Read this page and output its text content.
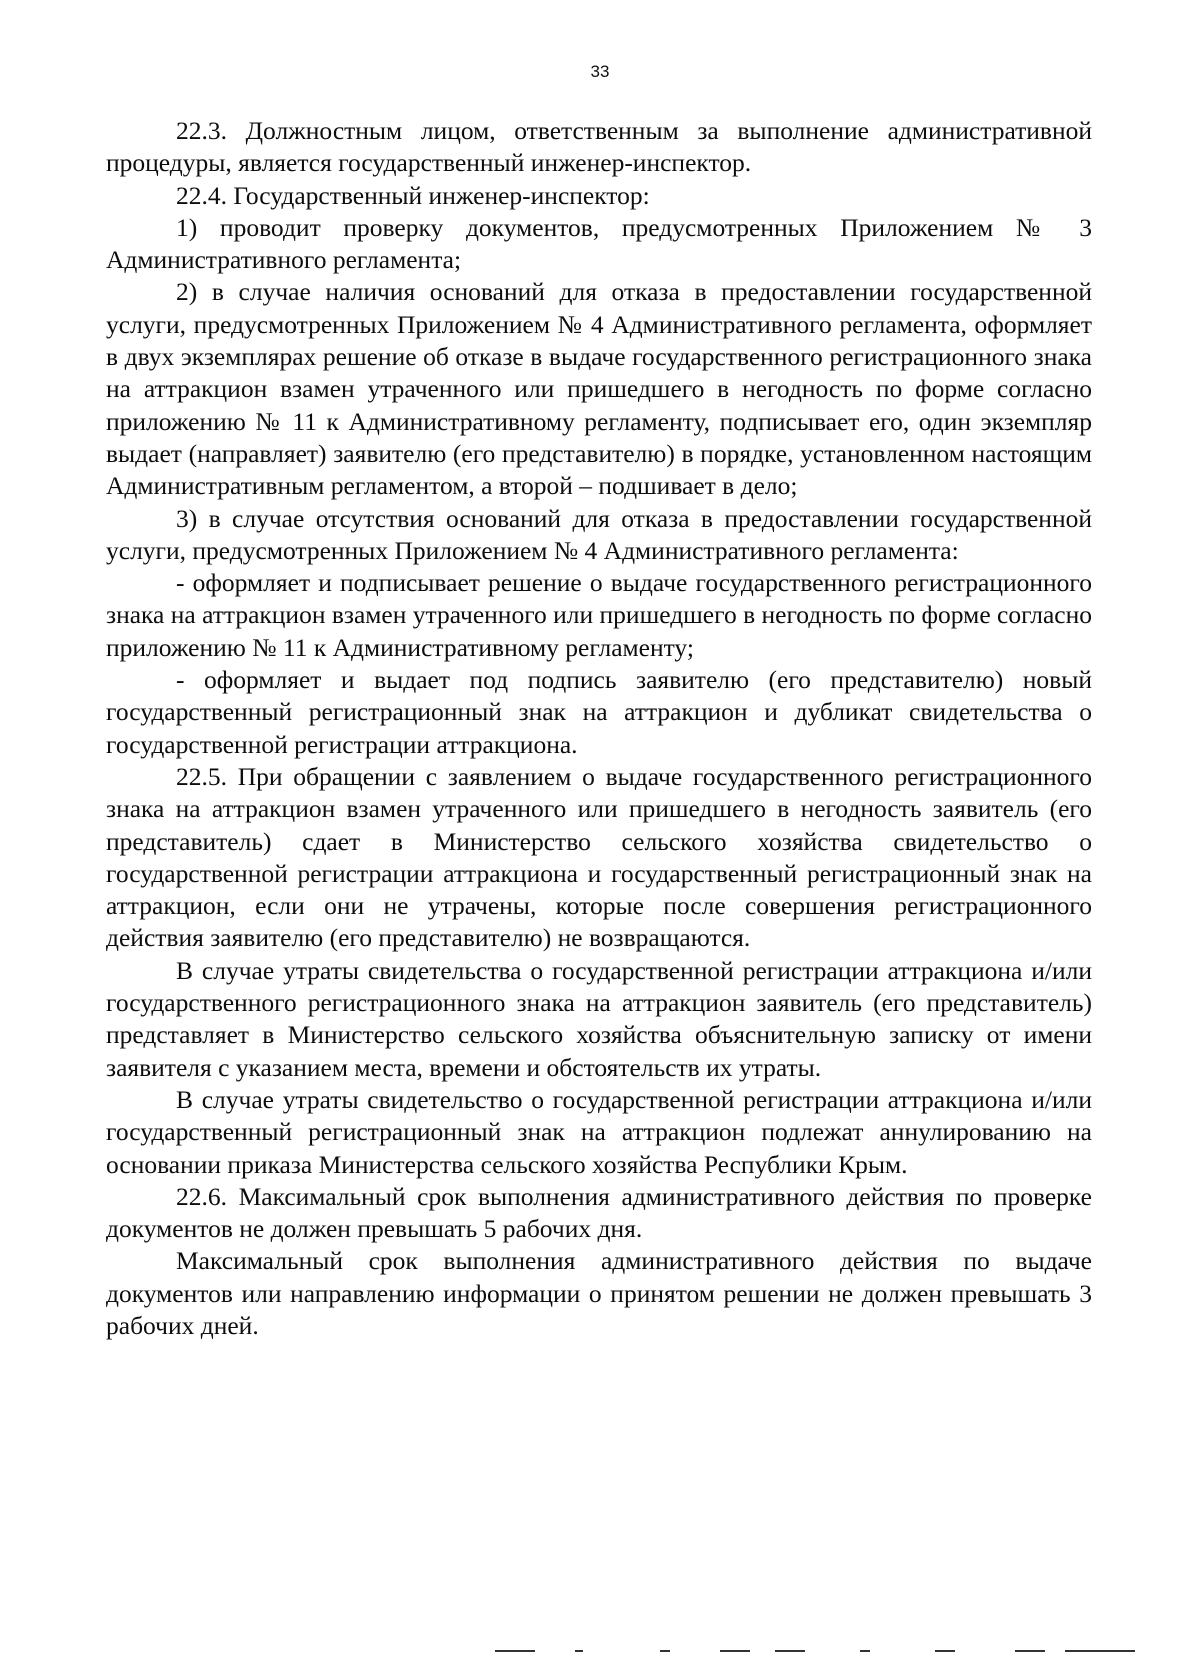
33

22.3. Должностным лицом, ответственным за выполнение административной процедуры, является государственный инженер-инспектор.

22.4. Государственный инженер-инспектор:

1) проводит проверку документов, предусмотренных Приложением № 3 Административного регламента;

2) в случае наличия оснований для отказа в предоставлении государственной услуги, предусмотренных Приложением № 4 Административного регламента, оформляет в двух экземплярах решение об отказе в выдаче государственного регистрационного знака на аттракцион взамен утраченного или пришедшего в негодность по форме согласно приложению № 11 к Административному регламенту, подписывает его, один экземпляр выдает (направляет) заявителю (его представителю) в порядке, установленном настоящим Административным регламентом, а второй – подшивает в дело;

3) в случае отсутствия оснований для отказа в предоставлении государственной услуги, предусмотренных Приложением № 4 Административного регламента:

- оформляет и подписывает решение о выдаче государственного регистрационного знака на аттракцион взамен утраченного или пришедшего в негодность по форме согласно приложению № 11 к Административному регламенту;

- оформляет и выдает под подпись заявителю (его представителю) новый государственный регистрационный знак на аттракцион и дубликат свидетельства о государственной регистрации аттракциона.

22.5. При обращении с заявлением о выдаче государственного регистрационного знака на аттракцион взамен утраченного или пришедшего в негодность заявитель (его представитель) сдает в Министерство сельского хозяйства свидетельство о государственной регистрации аттракциона и государственный регистрационный знак на аттракцион, если они не утрачены, которые после совершения регистрационного действия заявителю (его представителю) не возвращаются.

В случае утраты свидетельства о государственной регистрации аттракциона и/или государственного регистрационного знака на аттракцион заявитель (его представитель) представляет в Министерство сельского хозяйства объяснительную записку от имени заявителя с указанием места, времени и обстоятельств их утраты.

В случае утраты свидетельство о государственной регистрации аттракциона и/или государственный регистрационный знак на аттракцион подлежат аннулированию на основании приказа Министерства сельского хозяйства Республики Крым.

22.6. Максимальный срок выполнения административного действия по проверке документов не должен превышать 5 рабочих дня.

Максимальный срок выполнения административного действия по выдаче документов или направлению информации о принятом решении не должен превышать 3 рабочих дней.
